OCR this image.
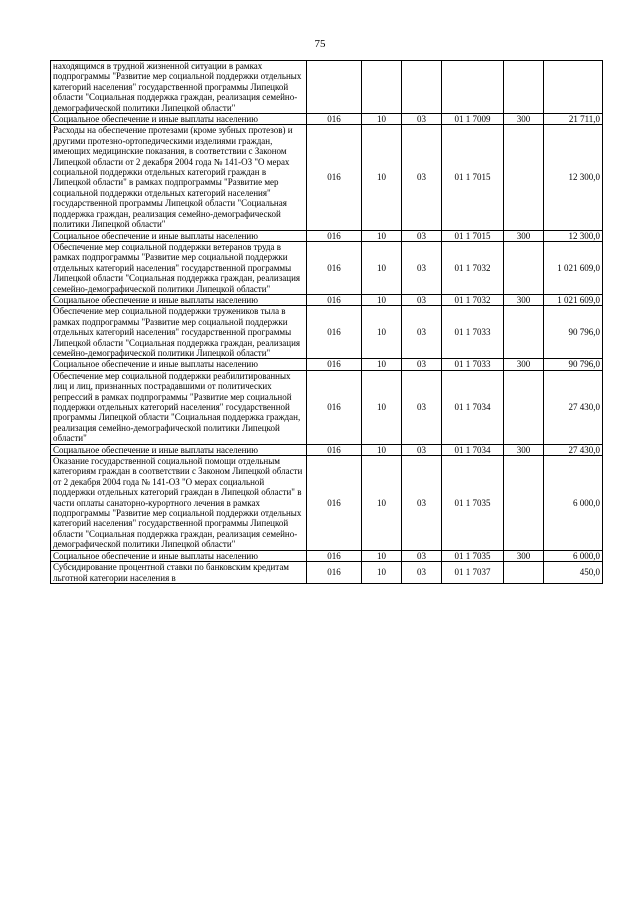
75
находящимся в трудной жизненной ситуации в рамках подпрограммы "Развитие мер социальной поддержки отдельных категорий населения" государственной программы Липецкой области "Социальная поддержка граждан, реализация семейно-демографической политики Липецкой области"						
Социальное обеспечение и иные выплаты населению	016	10	03	01 1 7009	300	21 711,0
Расходы на обеспечение протезами (кроме зубных протезов) и другими протезно-ортопедическими изделиями граждан, имеющих медицинские показания, в соответствии с Законом Липецкой области от 2 декабря 2004 года № 141-ОЗ "О мерах социальной поддержки отдельных категорий граждан в Липецкой области" в рамках подпрограммы "Развитие мер социальной поддержки отдельных категорий населения" государственной программы Липецкой области "Социальная поддержка граждан, реализация семейно-демографической политики Липецкой области"	016	10	03	01 1 7015		12 300,0
Социальное обеспечение и иные выплаты населению	016	10	03	01 1 7015	300	12 300,0
Обеспечение мер социальной поддержки ветеранов труда в рамках подпрограммы "Развитие мер социальной поддержки отдельных категорий населения" государственной программы Липецкой области "Социальная поддержка граждан, реализация семейно-демографической политики Липецкой области"	016	10	03	01 1 7032		1 021 609,0
Социальное обеспечение и иные выплаты населению	016	10	03	01 1 7032	300	1 021 609,0
Обеспечение мер социальной поддержки тружеников тыла в рамках подпрограммы "Развитие мер социальной поддержки отдельных категорий населения" государственной программы Липецкой области "Социальная поддержка граждан, реализация семейно-демографической политики Липецкой области"	016	10	03	01 1 7033		90 796,0
Социальное обеспечение и иные выплаты населению	016	10	03	01 1 7033	300	90 796,0
Обеспечение мер социальной поддержки реабилитированных лиц и лиц, признанных пострадавшими от политических репрессий в рамках подпрограммы "Развитие мер социальной поддержки отдельных категорий населения" государственной программы Липецкой области "Социальная поддержка граждан, реализация семейно-демографической политики Липецкой области"	016	10	03	01 1 7034		27 430,0
Социальное обеспечение и иные выплаты населению	016	10	03	01 1 7034	300	27 430,0
Оказание государственной социальной помощи отдельным категориям граждан в соответствии с Законом Липецкой области от 2 декабря 2004 года № 141-ОЗ "О мерах социальной поддержки отдельных категорий граждан в Липецкой области" в части оплаты санаторно-курортного лечения в рамках подпрограммы "Развитие мер социальной поддержки отдельных категорий населения" государственной программы Липецкой области "Социальная поддержка граждан, реализация семейно-демографической политики Липецкой области"	016	10	03	01 1 7035		6 000,0
Социальное обеспечение и иные выплаты населению	016	10	03	01 1 7035	300	6 000,0
Субсидирование процентной ставки по банковским кредитам льготной категории населения в	016	10	03	01 1 7037		450,0
